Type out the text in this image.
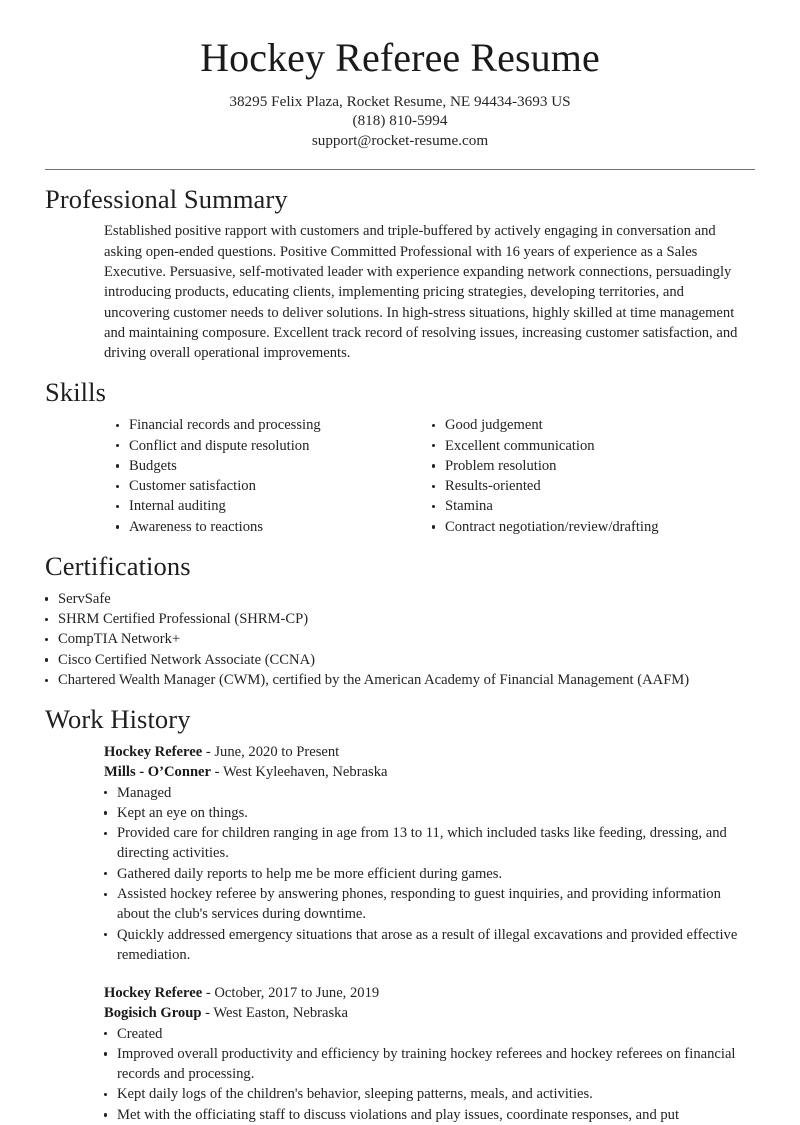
Hockey Referee Resume
38295 Felix Plaza, Rocket Resume, NE 94434-3693 US
(818) 810-5994
support@rocket-resume.com
Professional Summary

Established positive rapport with customers and triple-buffered by actively engaging in conversation and asking open-ended questions. Positive Committed Professional with 16 years of experience as a Sales Executive. Persuasive, self-motivated leader with experience expanding network connections, persuadingly introducing products, educating clients, implementing pricing strategies, developing territories, and uncovering customer needs to deliver solutions. In high-stress situations, highly skilled at time management and maintaining composure. Excellent track record of resolving issues, increasing customer satisfaction, and driving overall operational improvements.

Skills
Financial records and processing
Conflict and dispute resolution
Budgets
Customer satisfaction
Internal auditing
Awareness to reactions
Good judgement
Excellent communication
Problem resolution
Results-oriented
Stamina
Contract negotiation/review/drafting
Certifications
ServSafe
SHRM Certified Professional (SHRM-CP)
CompTIA Network+
Cisco Certified Network Associate (CCNA)
Chartered Wealth Manager (CWM), certified by the American Academy of Financial Management (AAFM)
Work History
Hockey Referee - June, 2020 to Present
Mills - O’Conner - West Kyleehaven, Nebraska
Managed
Kept an eye on things.
Provided care for children ranging in age from 13 to 11, which included tasks like feeding, dressing, and directing activities.
Gathered daily reports to help me be more efficient during games.
Assisted hockey referee by answering phones, responding to guest inquiries, and providing information about the club's services during downtime.
Quickly addressed emergency situations that arose as a result of illegal excavations and provided effective remediation.
Hockey Referee - October, 2017 to June, 2019
Bogisich Group - West Easton, Nebraska
Created
Improved overall productivity and efficiency by training hockey referees and hockey referees on financial records and processing.
Kept daily logs of the children's behavior, sleeping patterns, meals, and activities.
Met with the officiating staff to discuss violations and play issues, coordinate responses, and put
